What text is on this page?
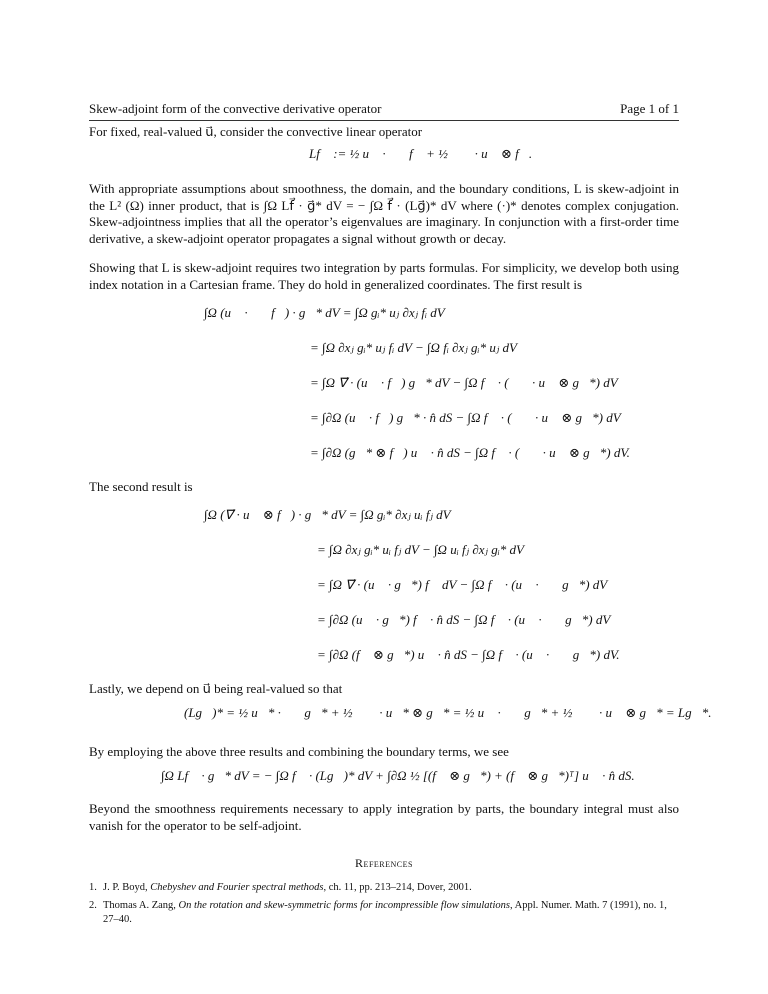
Skew-adjoint form of the convective derivative operator	Page 1 of 1

For fixed, real-valued u⃗, consider the convective linear operator

Lf⃗ := ½ u⃗ · ∇⃗f⃗ + ½ ∇⃗ · u⃗ ⊗ f⃗.

With appropriate assumptions about smoothness, the domain, and the boundary conditions, L is skew-adjoint in the L² (Ω) inner product, that is ∫Ω Lf⃗ · g⃗* dV = − ∫Ω f⃗ · (Lg⃗)* dV where (·)* denotes complex conjugation. Skew-adjointness implies that all the operator’s eigenvalues are imaginary. In conjunction with a first-order time derivative, a skew-adjoint operator propagates a signal without growth or decay.

Showing that L is skew-adjoint requires two integration by parts formulas. For simplicity, we develop both using index notation in a Cartesian frame. They do hold in generalized coordinates. The first result is

∫Ω (u⃗ · ∇⃗f⃗) · g⃗* dV = ∫Ω gᵢ* uⱼ ∂xⱼ fᵢ dV
= ∫Ω ∂xⱼ gᵢ* uⱼ fᵢ dV − ∫Ω fᵢ ∂xⱼ gᵢ* uⱼ dV
= ∫Ω ∇⃗ · (u⃗ · f⃗) g⃗* dV − ∫Ω f⃗ · (∇⃗ · u⃗ ⊗ g⃗*) dV
= ∫∂Ω (u⃗ · f⃗) g⃗* · n̂ dS − ∫Ω f⃗ · (∇⃗ · u⃗ ⊗ g⃗*) dV
= ∫∂Ω (g⃗* ⊗ f⃗) u⃗ · n̂ dS − ∫Ω f⃗ · (∇⃗ · u⃗ ⊗ g⃗*) dV.

The second result is

∫Ω (∇⃗ · u⃗ ⊗ f⃗) · g⃗* dV = ∫Ω gᵢ* ∂xⱼ uᵢ fⱼ dV
= ∫Ω ∂xⱼ gᵢ* uᵢ fⱼ dV − ∫Ω uᵢ fⱼ ∂xⱼ gᵢ* dV
= ∫Ω ∇⃗ · (u⃗ · g⃗*) f⃗ dV − ∫Ω f⃗ · (u⃗ · ∇⃗g⃗*) dV
= ∫∂Ω (u⃗ · g⃗*) f⃗ · n̂ dS − ∫Ω f⃗ · (u⃗ · ∇⃗g⃗*) dV
= ∫∂Ω (f⃗ ⊗ g⃗*) u⃗ · n̂ dS − ∫Ω f⃗ · (u⃗ · ∇⃗g⃗*) dV.

Lastly, we depend on u⃗ being real-valued so that

(Lg⃗)* = ½ u⃗* · ∇⃗g⃗* + ½ ∇⃗ · u⃗* ⊗ g⃗* = ½ u⃗ · ∇⃗g⃗* + ½ ∇⃗ · u⃗ ⊗ g⃗* = Lg⃗*.

By employing the above three results and combining the boundary terms, we see

∫Ω Lf⃗ · g⃗* dV = − ∫Ω f⃗ · (Lg⃗)* dV + ∫∂Ω ½ [(f⃗ ⊗ g⃗*) + (f⃗ ⊗ g⃗*)ᵀ] u⃗ · n̂ dS.

Beyond the smoothness requirements necessary to apply integration by parts, the boundary integral must also vanish for the operator to be self-adjoint.

References

1. J. P. Boyd, Chebyshev and Fourier spectral methods, ch. 11, pp. 213–214, Dover, 2001.

2. Thomas A. Zang, On the rotation and skew-symmetric forms for incompressible flow simulations, Appl. Numer. Math. 7 (1991), no. 1, 27–40.
